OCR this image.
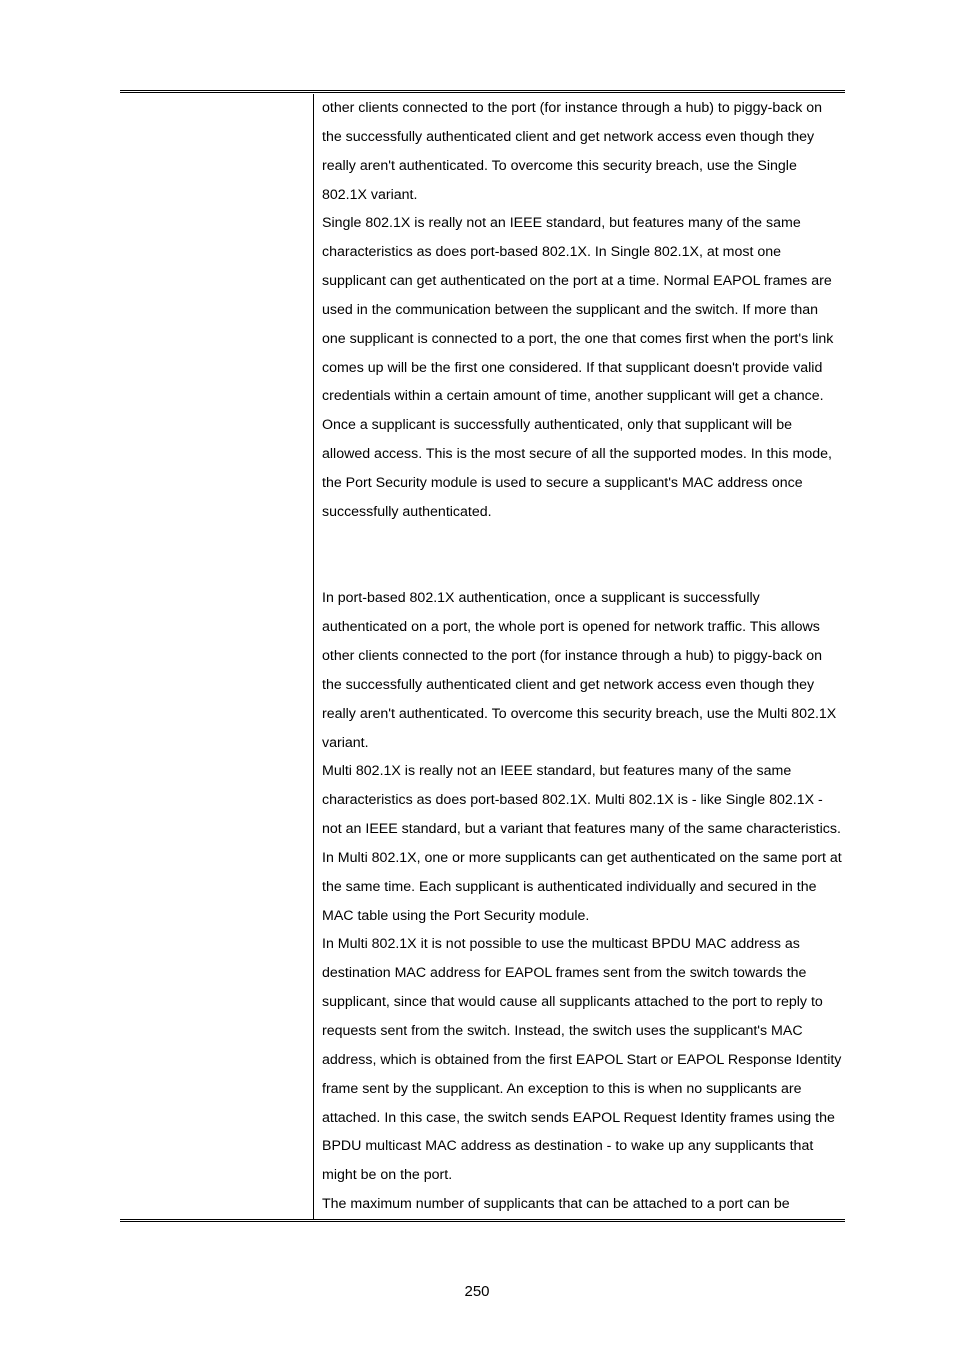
other clients connected to the port (for instance through a hub) to piggy-back on the successfully authenticated client and get network access even though they really aren't authenticated. To overcome this security breach, use the Single 802.1X variant.

Single 802.1X is really not an IEEE standard, but features many of the same characteristics as does port-based 802.1X. In Single 802.1X, at most one supplicant can get authenticated on the port at a time. Normal EAPOL frames are used in the communication between the supplicant and the switch. If more than one supplicant is connected to a port, the one that comes first when the port's link comes up will be the first one considered. If that supplicant doesn't provide valid credentials within a certain amount of time, another supplicant will get a chance. Once a supplicant is successfully authenticated, only that supplicant will be allowed access. This is the most secure of all the supported modes. In this mode, the Port Security module is used to secure a supplicant's MAC address once successfully authenticated.

In port-based 802.1X authentication, once a supplicant is successfully authenticated on a port, the whole port is opened for network traffic. This allows other clients connected to the port (for instance through a hub) to piggy-back on the successfully authenticated client and get network access even though they really aren't authenticated. To overcome this security breach, use the Multi 802.1X variant.

Multi 802.1X is really not an IEEE standard, but features many of the same characteristics as does port-based 802.1X. Multi 802.1X is - like Single 802.1X - not an IEEE standard, but a variant that features many of the same characteristics. In Multi 802.1X, one or more supplicants can get authenticated on the same port at the same time. Each supplicant is authenticated individually and secured in the MAC table using the Port Security module.

In Multi 802.1X it is not possible to use the multicast BPDU MAC address as destination MAC address for EAPOL frames sent from the switch towards the supplicant, since that would cause all supplicants attached to the port to reply to requests sent from the switch. Instead, the switch uses the supplicant's MAC address, which is obtained from the first EAPOL Start or EAPOL Response Identity frame sent by the supplicant. An exception to this is when no supplicants are attached. In this case, the switch sends EAPOL Request Identity frames using the BPDU multicast MAC address as destination - to wake up any supplicants that might be on the port.

The maximum number of supplicants that can be attached to a port can be

250
